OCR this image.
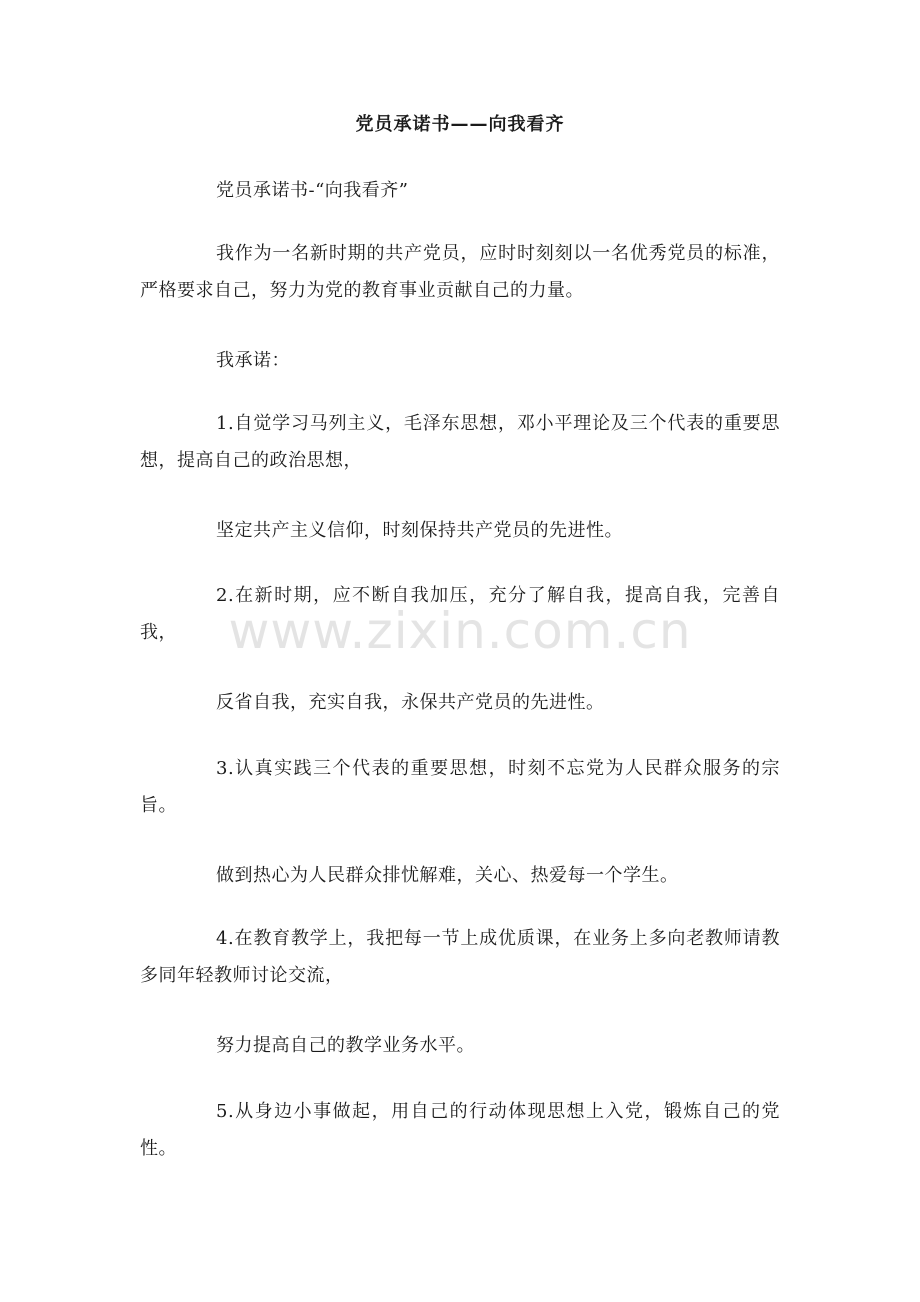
党员承诺书——向我看齐
党员承诺书-“向我看齐”
我作为一名新时期的共产党员，应时时刻刻以一名优秀党员的标准，严格要求自己，努力为党的教育事业贡献自己的力量。
我承诺：
1.自觉学习马列主义，毛泽东思想，邓小平理论及三个代表的重要思想，提高自己的政治思想，
坚定共产主义信仰，时刻保持共产党员的先进性。
2.在新时期，应不断自我加压，充分了解自我，提高自我，完善自我，
反省自我，充实自我，永保共产党员的先进性。
3.认真实践三个代表的重要思想，时刻不忘党为人民群众服务的宗旨。
做到热心为人民群众排忧解难，关心、热爱每一个学生。
4.在教育教学上，我把每一节上成优质课，在业务上多向老教师请教多同年轻教师讨论交流，
努力提高自己的教学业务水平。
5.从身边小事做起，用自己的行动体现思想上入党，锻炼自己的党性。
www.zixin.com.cn
